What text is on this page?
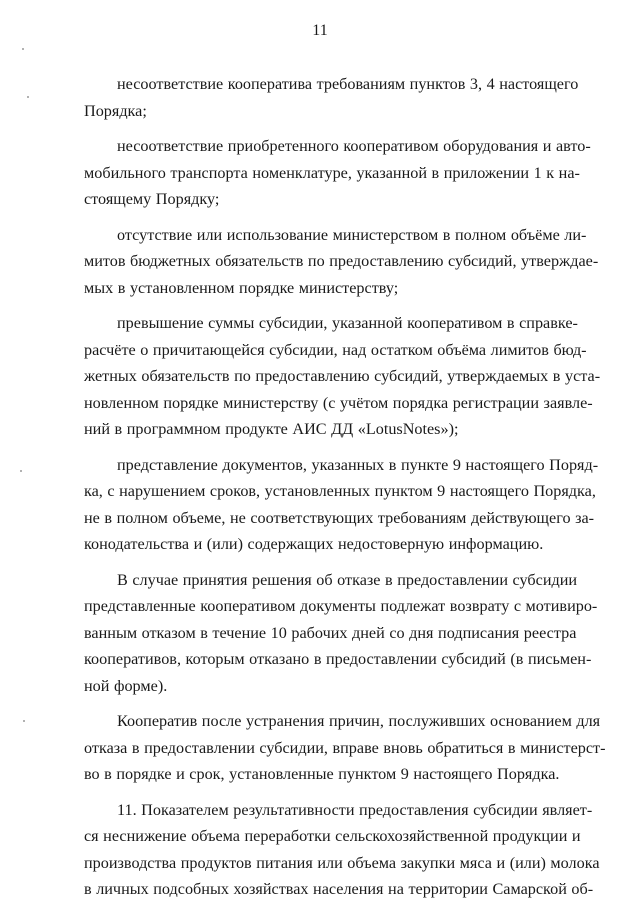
11
несоответствие кооператива требованиям пунктов 3, 4 настоящего
Порядка;
несоответствие приобретенного кооперативом оборудования и авто-
мобильного транспорта номенклатуре, указанной в приложении 1 к на-
стоящему Порядку;
отсутствие или использование министерством в полном объёме ли-
митов бюджетных обязательств по предоставлению субсидий, утверждае-
мых в установленном порядке министерству;
превышение суммы субсидии, указанной кооперативом в справке-
расчёте о причитающейся субсидии, над остатком объёма лимитов бюд-
жетных обязательств по предоставлению субсидий, утверждаемых в уста-
новленном порядке министерству (с учётом порядка регистрации заявле-
ний в программном продукте АИС ДД «LotusNotes»);
представление документов, указанных в пункте 9 настоящего Поряд-
ка, с нарушением сроков, установленных пунктом 9 настоящего Порядка,
не в полном объеме, не соответствующих требованиям действующего за-
конодательства и (или) содержащих недостоверную информацию.
В случае принятия решения об отказе в предоставлении субсидии
представленные кооперативом документы подлежат возврату с мотивиро-
ванным отказом в течение 10 рабочих дней со дня подписания реестра
кооперативов, которым отказано в предоставлении субсидий (в письмен-
ной форме).
Кооператив после устранения причин, послуживших основанием для
отказа в предоставлении субсидии, вправе вновь обратиться в министерст-
во в порядке и срок, установленные пунктом 9 настоящего Порядка.
11. Показателем результативности предоставления субсидии являет-
ся неснижение объема переработки сельскохозяйственной продукции и
производства продуктов питания или объема закупки мяса и (или) молока
в личных подсобных хозяйствах населения на территории Самарской об-
